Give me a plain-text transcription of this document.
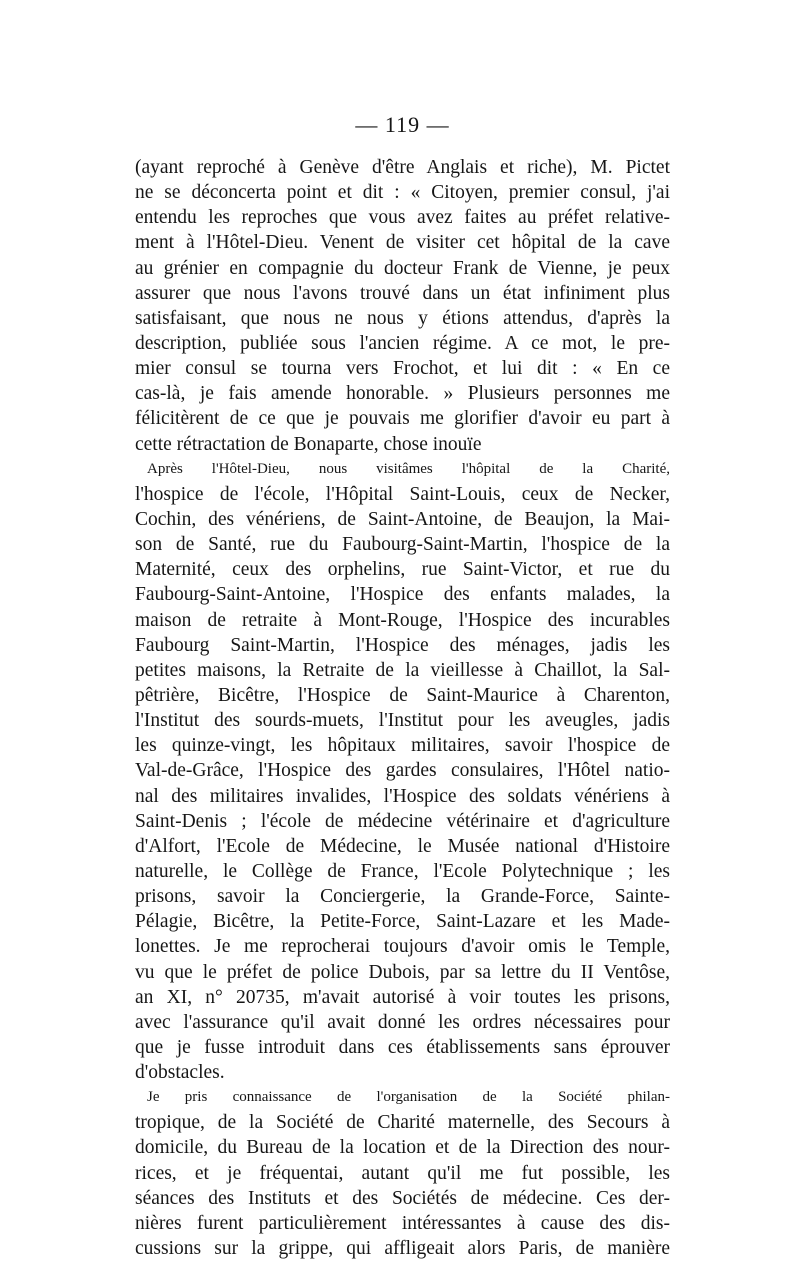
— 119 —
(ayant reproché à Genève d'être Anglais et riche), M. Pictet
ne se déconcerta point et dit : « Citoyen, premier consul, j'ai
entendu les reproches que vous avez faites au préfet relative-
ment à l'Hôtel-Dieu. Venent de visiter cet hôpital de la cave
au grénier en compagnie du docteur Frank de Vienne, je peux
assurer que nous l'avons trouvé dans un état infiniment plus
satisfaisant, que nous ne nous y étions attendus, d'après la
description, publiée sous l'ancien régime. A ce mot, le pre-
mier consul se tourna vers Frochot, et lui dit : « En ce
cas-là, je fais amende honorable. » Plusieurs personnes me
félicitèrent de ce que je pouvais me glorifier d'avoir eu part à
cette rétractation de Bonaparte, chose inouïe
Après l'Hôtel-Dieu, nous visitâmes l'hôpital de la Charité,
l'hospice de l'école, l'Hôpital Saint-Louis, ceux de Necker,
Cochin, des vénériens, de Saint-Antoine, de Beaujon, la Mai-
son de Santé, rue du Faubourg-Saint-Martin, l'hospice de la
Maternité, ceux des orphelins, rue Saint-Victor, et rue du
Faubourg-Saint-Antoine, l'Hospice des enfants malades, la
maison de retraite à Mont-Rouge, l'Hospice des incurables
Faubourg Saint-Martin, l'Hospice des ménages, jadis les
petites maisons, la Retraite de la vieillesse à Chaillot, la Sal-
pêtrière, Bicêtre, l'Hospice de Saint-Maurice à Charenton,
l'Institut des sourds-muets, l'Institut pour les aveugles, jadis
les quinze-vingt, les hôpitaux militaires, savoir l'hospice de
Val-de-Grâce, l'Hospice des gardes consulaires, l'Hôtel natio-
nal des militaires invalides, l'Hospice des soldats vénériens à
Saint-Denis ; l'école de médecine vétérinaire et d'agriculture
d'Alfort, l'Ecole de Médecine, le Musée national d'Histoire
naturelle, le Collège de France, l'Ecole Polytechnique ; les
prisons, savoir la Conciergerie, la Grande-Force, Sainte-
Pélagie, Bicêtre, la Petite-Force, Saint-Lazare et les Made-
lonettes. Je me reprocherai toujours d'avoir omis le Temple,
vu que le préfet de police Dubois, par sa lettre du II Ventôse,
an XI, n° 20735, m'avait autorisé à voir toutes les prisons,
avec l'assurance qu'il avait donné les ordres nécessaires pour
que je fusse introduit dans ces établissements sans éprouver
d'obstacles.
Je pris connaissance de l'organisation de la Société philan-
tropique, de la Société de Charité maternelle, des Secours à
domicile, du Bureau de la location et de la Direction des nour-
rices, et je fréquentai, autant qu'il me fut possible, les
séances des Instituts et des Sociétés de médecine. Ces der-
nières furent particulièrement intéressantes à cause des dis-
cussions sur la grippe, qui affligeait alors Paris, de manière
